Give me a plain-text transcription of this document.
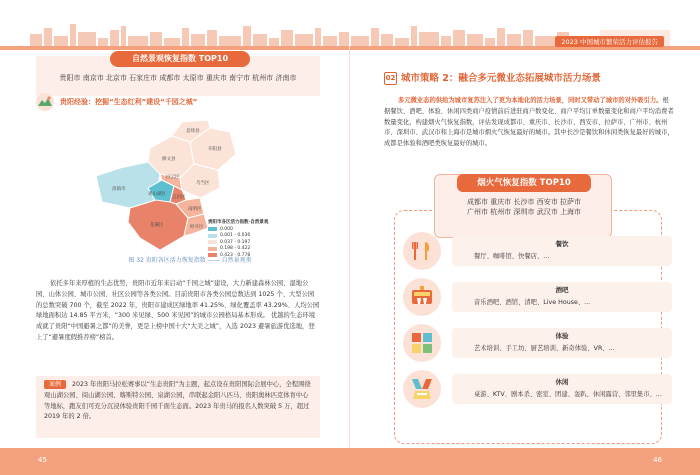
2023 中国城市繁荣活力评估报告
自然景观恢复指数 TOP10
贵阳市 南京市 北京市 石家庄市 成都市 太原市 重庆市 南宁市 杭州市 济南市
贵阳经验：挖掘“生态红利”建设“千园之城”
修文县
开阳县
息烽县
清镇市
观山湖区
白云区
乌当区
云岩区
南明区
花溪区	经开区
贵阳市各区活力指数-自然景观
0.000
0.001 - 0.036
0.037 - 0.197
0.198 - 0.422
0.423 - 0.778
图 32 贵阳各区活力恢复指数 —— 自然景观类
依托多年来厚植的生态优势，贵阳市近年来启动“千园之城”建设，大力新建森林公园、湿地公园、山体公园、城市公园、社区公园等各类公园。目前贵阳市各类公园总数达到 1025 个、大型公园的总数突破 700 个，截至 2022 年，贵阳市建成区绿地率 41.25%、绿化覆盖率 43.29%、人均公园绿地面积达 14.85 平方米，“300 米见绿、500 米见园”的城市公园格局基本形成。 优越的生态环境成就了贵阳“中国避暑之都”的美誉，更是上榜中国十大“大美之城”，入选 2023 避暑旅游优选地，登上了“避暑度假推荐榜”榜首。
案例 2023 年贵阳马拉松赛事以“生态贵阳”为主题，起点设在贵阳国际会展中心，全程围绕观山湖公园、阅山湖公园、喀斯特公园、泉湖公园，串联起金阳八匹马、贵阳奥林匹克体育中心等地标，跑友们可充分沉浸体验贵阳千园千面生态面。2023 年贵马的报名人数突破 5 万，超过 2019 年的 2 倍。
45
02 城市策略 2：融合多元微业态拓展城市活力场景
多元微业态的供给为城市复苏注入了更为本地化的活力场景，同时又带动了城市的对外吸引力。根据餐饮、酒吧、体验、休闲四类商户疫情前后进驻商户数变化、商户平均订单数量变化和商户平均消费者数量变化，构建烟火气恢复指数，评估发现成都市、重庆市、长沙市、西安市、拉萨市、广州市、杭州市、深圳市、武汉市和上海市是城市烟火气恢复最好的城市。其中长沙是餐饮和休闲类恢复最好的城市，成都是体验和酒吧类恢复最好的城市。
烟火气恢复指数 TOP10
成都市 重庆市 长沙市 西安市 拉萨市
广州市 杭州市 深圳市 武汉市 上海市
餐饮
餐厅、咖啡馆、快餐店、...
酒吧
音乐酒吧、酒馆、清吧、Live House、...
体验
艺术培训、手工坊、厨艺培训、新奇体验、VR、...
休闲
桌游、KTV、剧本杀、密室、团建、轰趴、休闲露营、邻里集市、...
46
